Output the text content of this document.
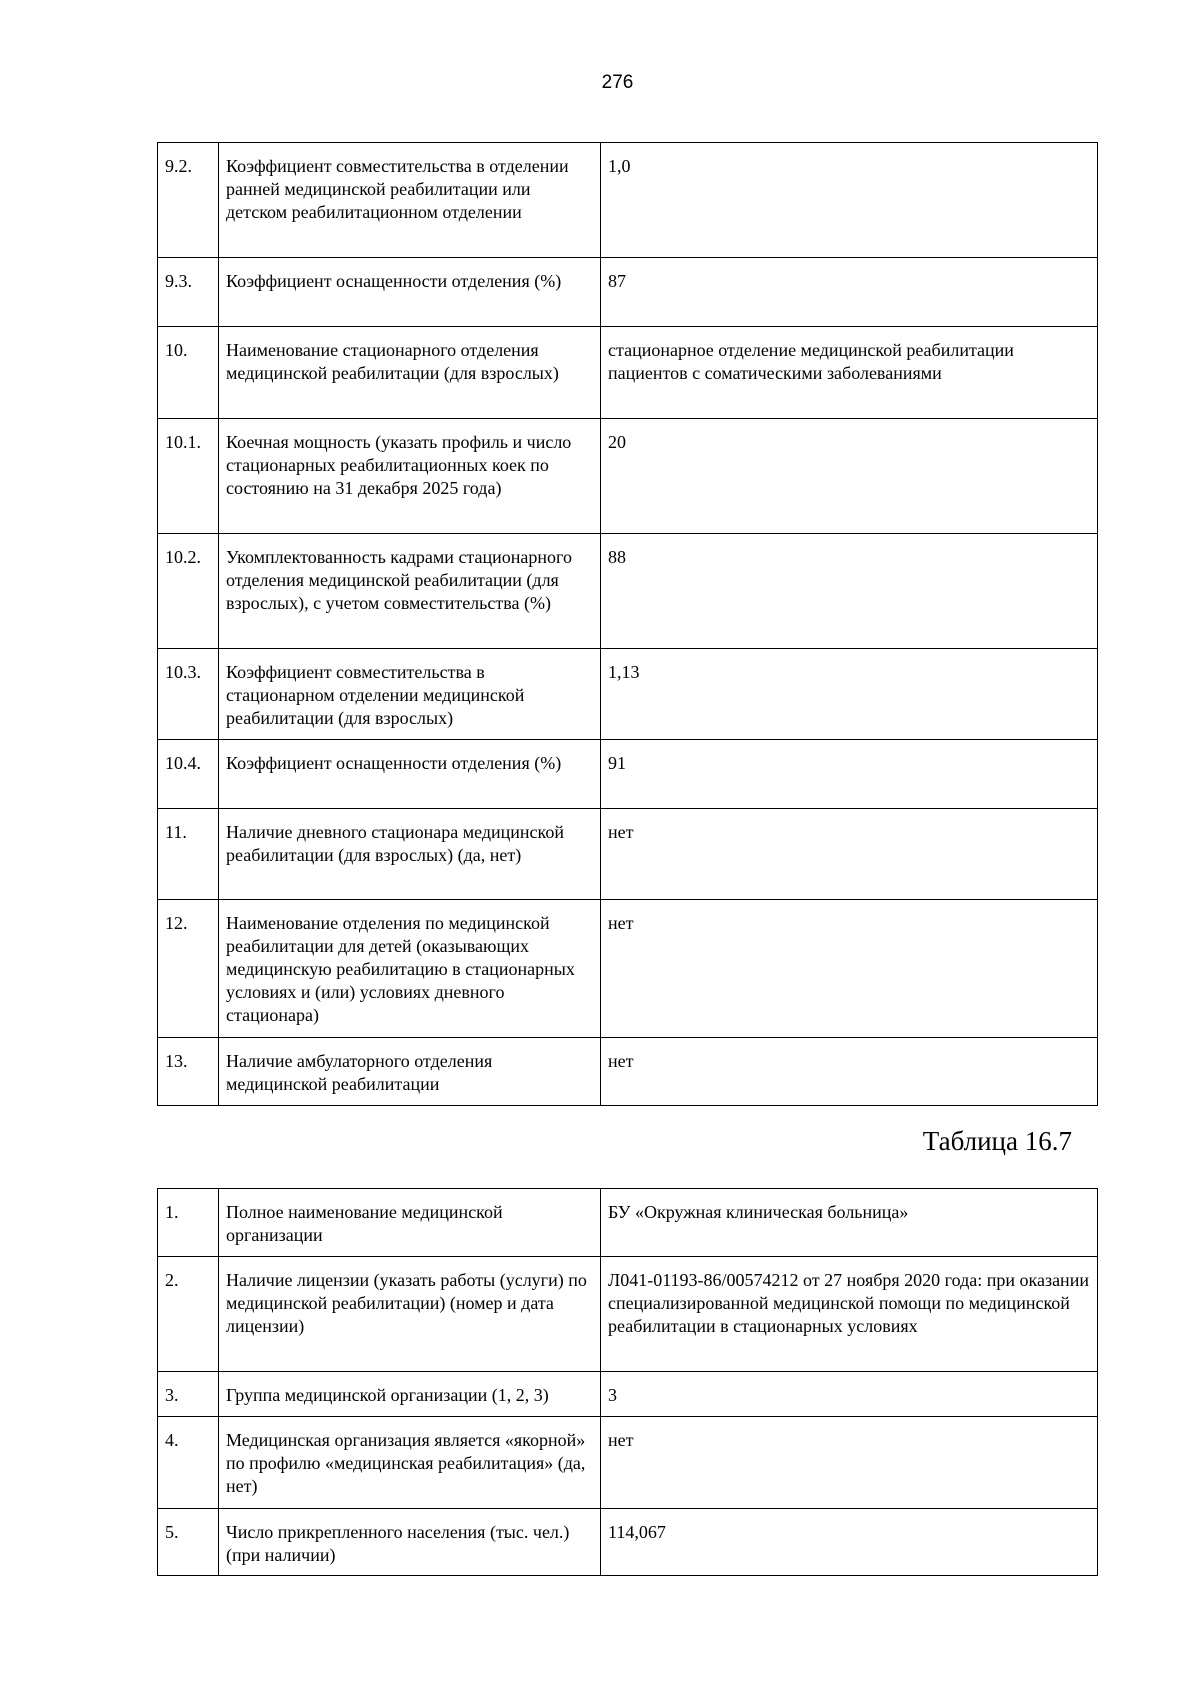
276
9.2.	Коэффициент совместительства в отделении ранней медицинской реабилитации или детском реабилитационном отделении	1,0
9.3.	Коэффициент оснащенности отделения (%)	87
10.	Наименование стационарного отделения медицинской реабилитации (для взрослых)	стационарное отделение медицинской реабилитации пациентов с соматическими заболеваниями
10.1.	Коечная мощность (указать профиль и число стационарных реабилитационных коек по состоянию на 31 декабря 2025 года)	20
10.2.	Укомплектованность кадрами стационарного отделения медицинской реабилитации (для взрослых), с учетом совместительства (%)	88
10.3.	Коэффициент совместительства в стационарном отделении медицинской реабилитации (для взрослых)	1,13
10.4.	Коэффициент оснащенности отделения (%)	91
11.	Наличие дневного стационара медицинской реабилитации (для взрослых) (да, нет)	нет
12.	Наименование отделения по медицинской реабилитации для детей (оказывающих медицинскую реабилитацию в стационарных условиях и (или) условиях дневного стационара)	нет
13.	Наличие амбулаторного отделения медицинской реабилитации	нет
Таблица 16.7
1.	Полное наименование медицинской организации	БУ «Окружная клиническая больница»
2.	Наличие лицензии (указать работы (услуги) по медицинской реабилитации) (номер и дата лицензии)	Л041-01193-86/00574212 от 27 ноября 2020 года: при оказании специализированной медицинской помощи по медицинской реабилитации в стационарных условиях
3.	Группа медицинской организации (1, 2, 3)	3
4.	Медицинская организация является «якорной» по профилю «медицинская реабилитация» (да, нет)	нет
5.	Число прикрепленного населения (тыс. чел.) (при наличии)	114,067
